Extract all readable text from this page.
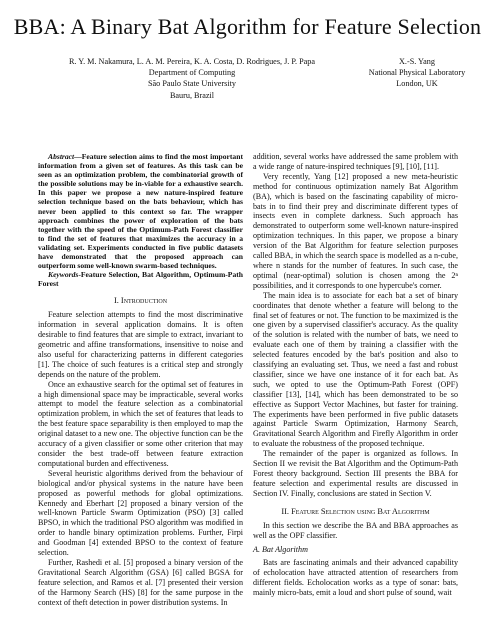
BBA: A Binary Bat Algorithm for Feature Selection
R. Y. M. Nakamura, L. A. M. Pereira, K. A. Costa, D. Rodrigues, J. P. Papa
Department of Computing
São Paulo State University
Bauru, Brazil
X.-S. Yang
National Physical Laboratory
London, UK

Abstract—Feature selection aims to find the most important information from a given set of features. As this task can be seen as an optimization problem, the combinatorial growth of the possible solutions may be in-viable for a exhaustive search. In this paper we propose a new nature-inspired feature selection technique based on the bats behaviour, which has never been applied to this context so far. The wrapper approach combines the power of exploration of the bats together with the speed of the Optimum-Path Forest classifier to find the set of features that maximizes the accuracy in a validating set. Experiments conducted in five public datasets have demonstrated that the proposed approach can outperform some well-known swarm-based techniques.

Keywords-Feature Selection, Bat Algorithm, Optimum-Path Forest

I. Introduction

Feature selection attempts to find the most discriminative information in several application domains. It is often desirable to find features that are simple to extract, invariant to geometric and affine transformations, insensitive to noise and also useful for characterizing patterns in different categories [1]. The choice of such features is a critical step and strongly depends on the nature of the problem.

Once an exhaustive search for the optimal set of features in a high dimensional space may be impracticable, several works attempt to model the feature selection as a combinatorial optimization problem, in which the set of features that leads to the best feature space separability is then employed to map the original dataset to a new one. The objective function can be the accuracy of a given classifier or some other criterion that may consider the best trade-off between feature extraction computational burden and effectiveness.

Several heuristic algorithms derived from the behaviour of biological and/or physical systems in the nature have been proposed as powerful methods for global optimizations. Kennedy and Eberhart [2] proposed a binary version of the well-known Particle Swarm Optimization (PSO) [3] called BPSO, in which the traditional PSO algorithm was modified in order to handle binary optimization problems. Further, Firpi and Goodman [4] extended BPSO to the context of feature selection.

Further, Rashedi et al. [5] proposed a binary version of the Gravitational Search Algorithm (GSA) [6] called BGSA for feature selection, and Ramos et al. [7] presented their version of the Harmony Search (HS) [8] for the same purpose in the context of theft detection in power distribution systems. In

addition, several works have addressed the same problem with a wide range of nature-inspired techniques [9], [10], [11].

Very recently, Yang [12] proposed a new meta-heuristic method for continuous optimization namely Bat Algorithm (BA), which is based on the fascinating capability of micro-bats in to find their prey and discriminate different types of insects even in complete darkness. Such approach has demonstrated to outperform some well-known nature-inspired optimization techniques. In this paper, we propose a binary version of the Bat Algorithm for feature selection purposes called BBA, in which the search space is modelled as a n-cube, where n stands for the number of features. In such case, the optimal (near-optimal) solution is chosen among the 2ⁿ possibilities, and it corresponds to one hypercube's corner.

The main idea is to associate for each bat a set of binary coordinates that denote whether a feature will belong to the final set of features or not. The function to be maximized is the one given by a supervised classifier's accuracy. As the quality of the solution is related with the number of bats, we need to evaluate each one of them by training a classifier with the selected features encoded by the bat's position and also to classifying an evaluating set. Thus, we need a fast and robust classifier, since we have one instance of it for each bat. As such, we opted to use the Optimum-Path Forest (OPF) classifier [13], [14], which has been demonstrated to be so effective as Support Vector Machines, but faster for training. The experiments have been performed in five public datasets against Particle Swarm Optimization, Harmony Search, Gravitational Search Algorithm and Firefly Algorithm in order to evaluate the robustness of the proposed technique.

The remainder of the paper is organized as follows. In Section II we revisit the Bat Algorithm and the Optimum-Path Forest theory background. Section III presents the BBA for feature selection and experimental results are discussed in Section IV. Finally, conclusions are stated in Section V.

II. Feature Selection using Bat Algorithm

In this section we describe the BA and BBA approaches as well as the OPF classifier.

A. Bat Algorithm

Bats are fascinating animals and their advanced capability of echolocation have attracted attention of researchers from different fields. Echolocation works as a type of sonar: bats, mainly micro-bats, emit a loud and short pulse of sound, wait
